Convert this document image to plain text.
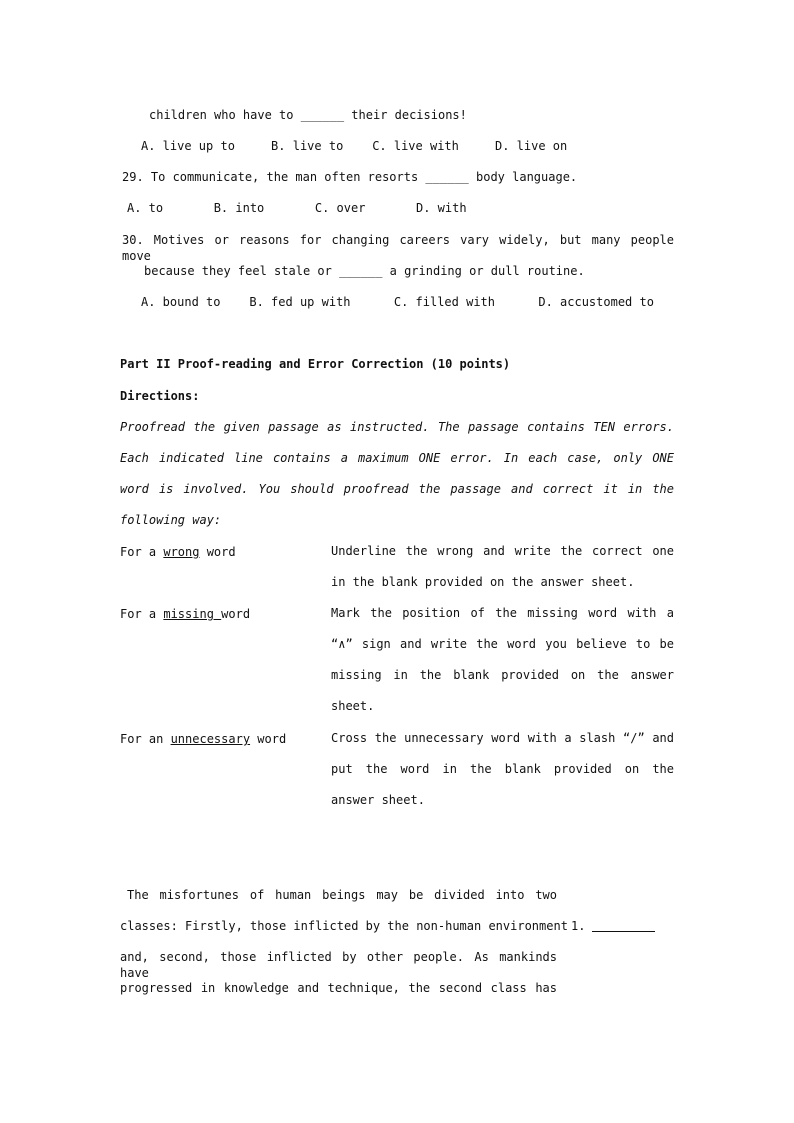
children who have to ______ their decisions!
A. live up to     B. live to    C. live with     D. live on
29. To communicate, the man often resorts ______ body language.
A. to       B. into       C. over       D. with
30. Motives or reasons for changing careers vary widely, but many people move
because they feel stale or ______ a grinding or dull routine.
A. bound to    B. fed up with      C. filled with      D. accustomed to
Part II Proof-reading and Error Correction (10 points)
Directions:
Proofread the given passage as instructed. The passage contains TEN errors. Each indicated line contains a maximum ONE error. In each case, only ONE word is involved. You should proofread the passage and correct it in the following way:
For a wrong word	Underline the wrong and write the correct one in the blank provided on the answer sheet.
For a missing word	Mark the position of the missing word with a “∧” sign and write the word you believe to be missing in the blank provided on the answer sheet.
For an unnecessary word	Cross the unnecessary word with a slash “/” and put the word in the blank provided on the answer sheet.
The misfortunes of human beings may be divided into two
classes: Firstly, those inflicted by the non-human environment 1.
and, second, those inflicted by other people. As mankinds have
progressed in knowledge and technique, the second class has
